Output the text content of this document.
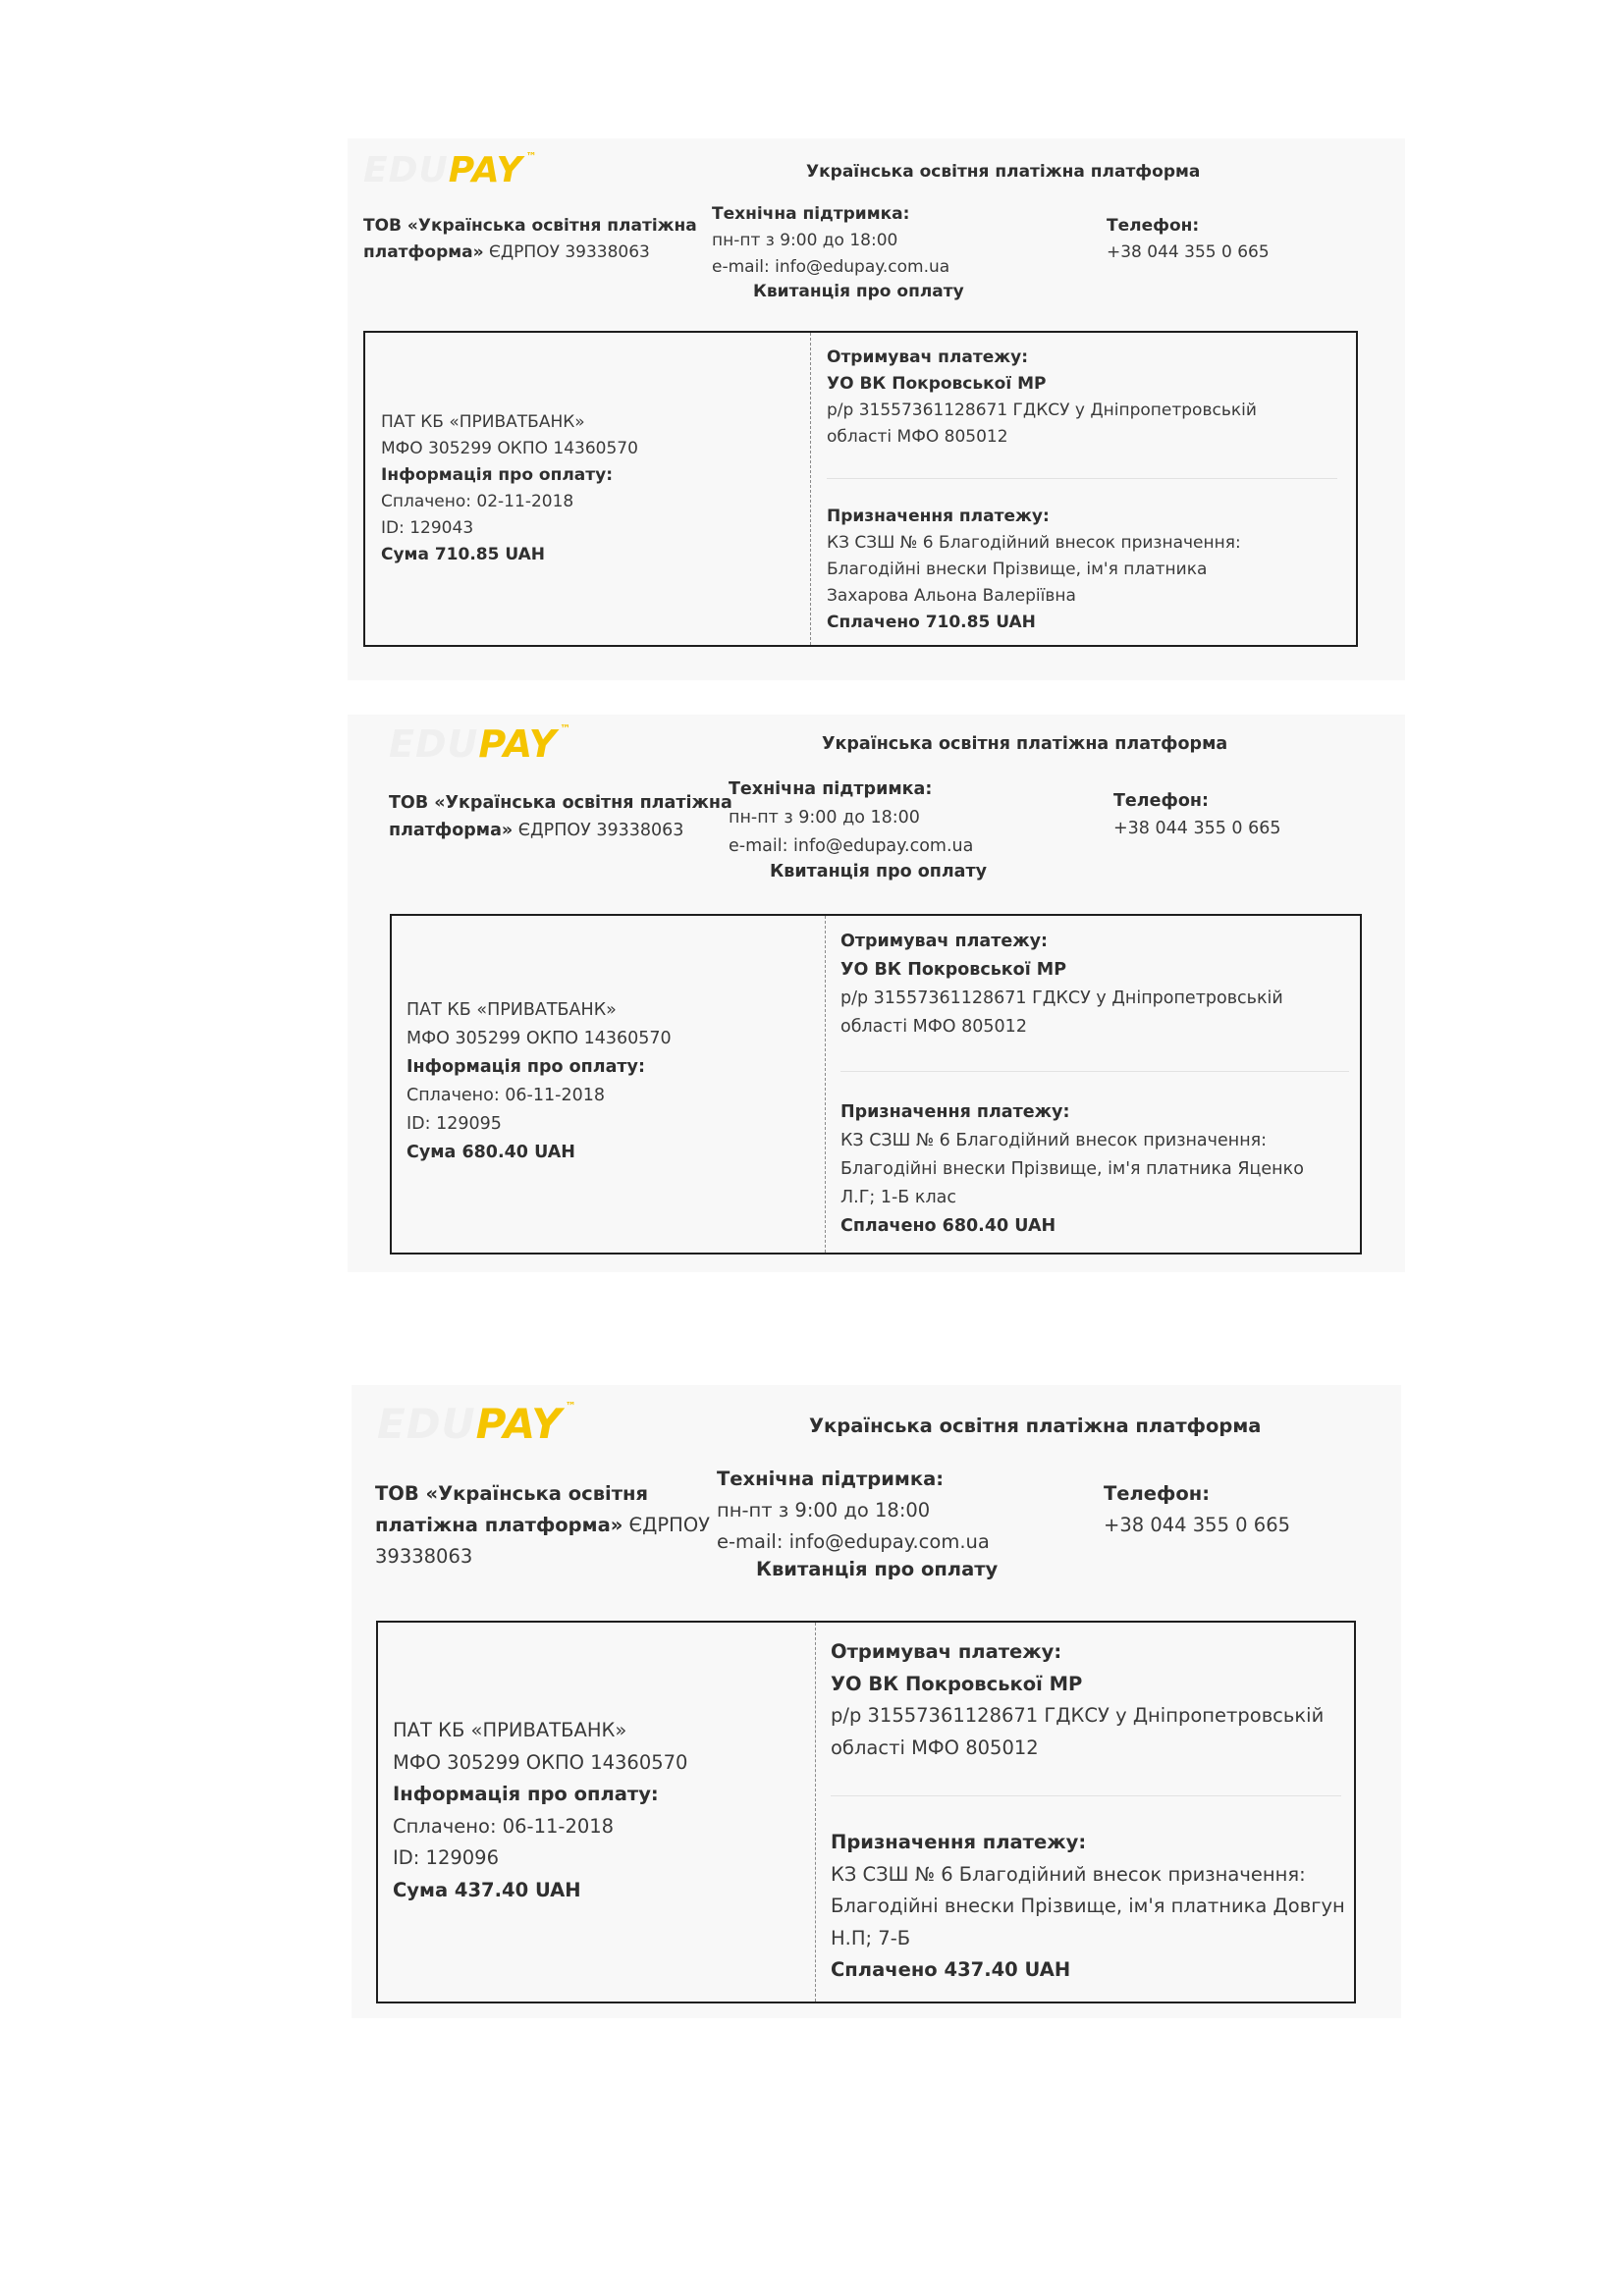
EDUPAY ™
Українська освітня платіжна платформа
ТОВ «Українська освітня платіжна платформа» ЄДРПОУ 39338063
Технічна підтримка:
пн-пт з 9:00 до 18:00
e-mail: info@edupay.com.ua
Телефон:
+38 044 355 0 665
Квитанція про оплату
ПАТ КБ «ПРИВАТБАНК»
МФО 305299 ОКПО 14360570
Інформація про оплату:
Сплачено: 02-11-2018
ID: 129043
Сума 710.85 UAH
Отримувач платежу:
УО ВК Покровської МР
р/р 31557361128671 ГДКСУ у Дніпропетровській
області МФО 805012
Призначення платежу:
КЗ СЗШ № 6 Благодійний внесок призначення:
Благодійні внески Прізвище, ім'я платника
Захарова Альона Валеріївна
Сплачено 710.85 UAH
EDUPAY ™
Українська освітня платіжна платформа
ТОВ «Українська освітня платіжна платформа» ЄДРПОУ 39338063
Технічна підтримка:
пн-пт з 9:00 до 18:00
e-mail: info@edupay.com.ua
Телефон:
+38 044 355 0 665
Квитанція про оплату
ПАТ КБ «ПРИВАТБАНК»
МФО 305299 ОКПО 14360570
Інформація про оплату:
Сплачено: 06-11-2018
ID: 129095
Сума 680.40 UAH
Отримувач платежу:
УО ВК Покровської МР
р/р 31557361128671 ГДКСУ у Дніпропетровській
області МФО 805012
Призначення платежу:
КЗ СЗШ № 6 Благодійний внесок призначення:
Благодійні внески Прізвище, ім'я платника Яценко
Л.Г; 1-Б клас
Сплачено 680.40 UAH
EDUPAY ™
Українська освітня платіжна платформа
ТОВ «Українська освітня платіжна платформа» ЄДРПОУ 39338063
Технічна підтримка:
пн-пт з 9:00 до 18:00
e-mail: info@edupay.com.ua
Телефон:
+38 044 355 0 665
Квитанція про оплату
ПАТ КБ «ПРИВАТБАНК»
МФО 305299 ОКПО 14360570
Інформація про оплату:
Сплачено: 06-11-2018
ID: 129096
Сума 437.40 UAH
Отримувач платежу:
УО ВК Покровської МР
р/р 31557361128671 ГДКСУ у Дніпропетровській
області МФО 805012
Призначення платежу:
КЗ СЗШ № 6 Благодійний внесок призначення:
Благодійні внески Прізвище, ім'я платника Довгун
Н.П; 7-Б
Сплачено 437.40 UAH
